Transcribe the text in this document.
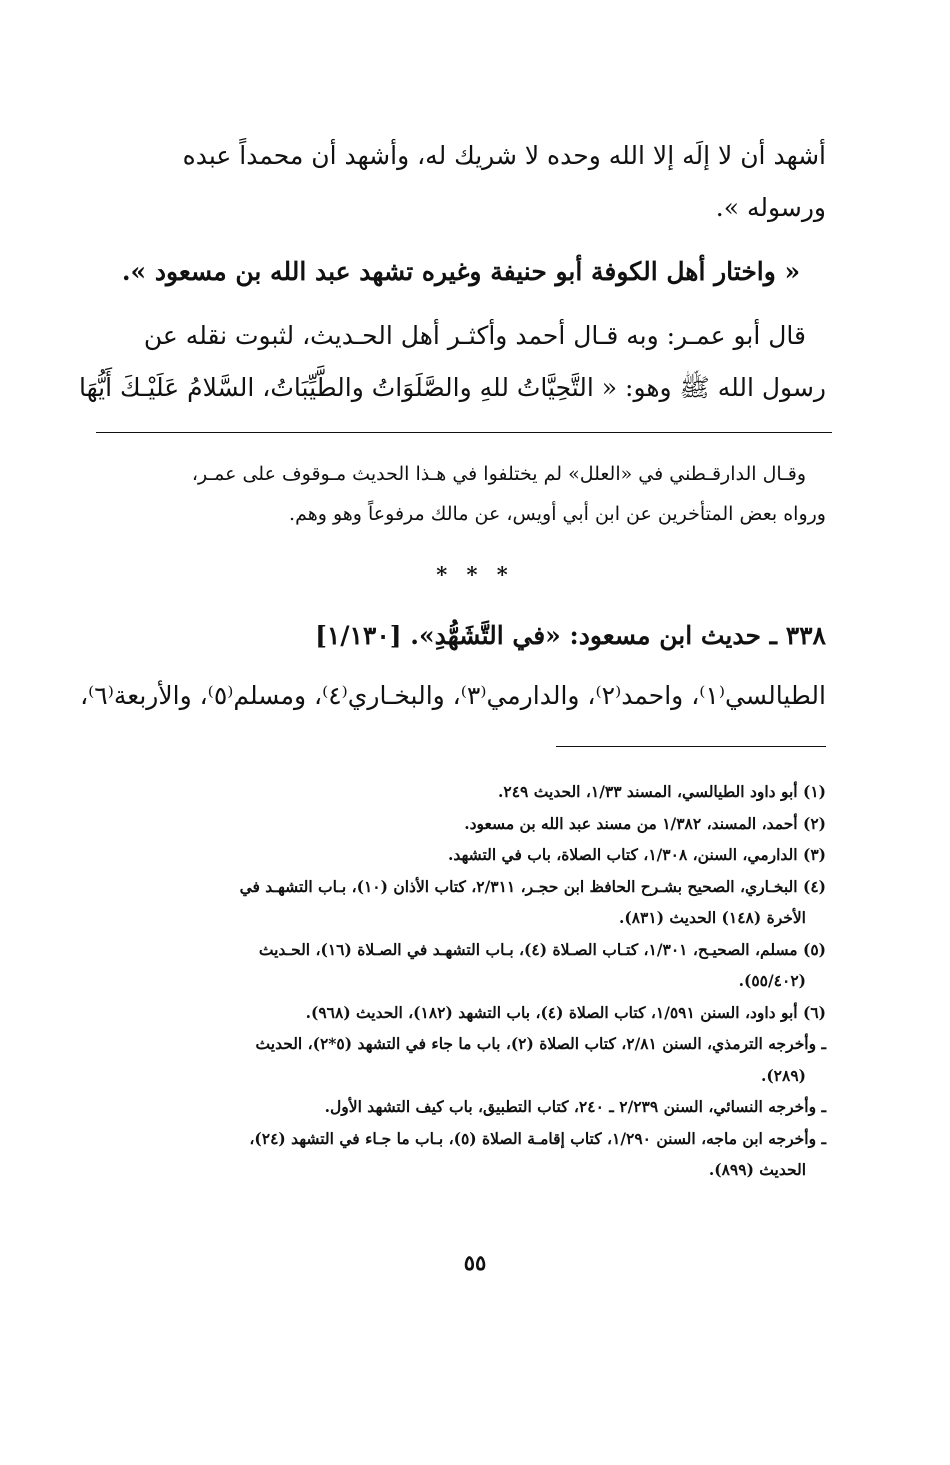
أشهد أن لا إلَه إلا الله وحده لا شريك له، وأشهد أن محمداً عبده
ورسوله ».
« واختار أهل الكوفة أبو حنيفة وغيره تشهد عبد الله بن مسعود ».
قال أبو عمـر: وبه قـال أحمد وأكثـر أهل الحـديث، لثبوت نقله عن
رسول الله ﷺ وهو: « التَّحِيَّاتُ للهِ والصَّلَوَاتُ والطَّيِّبَاتُ، السَّلامُ عَلَيْـكَ أَيُّهَا
وقـال الدارقـطني في «العلل» لم يختلفوا في هـذا الحديث مـوقوف على عمـر،
ورواه بعض المتأخرين عن ابن أبي أويس، عن مالك مرفوعاً وهو وهم.
* * *
٣٣٨ ـ حديث ابن مسعود: «في التَّشَهُّدِ». [١/١٣٠]
الطيالسي⁽١⁾، واحمد⁽٢⁾، والدارمي⁽٣⁾، والبخـاري⁽٤⁾، ومسلم⁽٥⁾، والأربعة⁽٦⁾،
(١) أبو داود الطيالسي، المسند ١/٣٣، الحديث ٢٤٩.
(٢) أحمد، المسند، ١/٣٨٢ من مسند عبد الله بن مسعود.
(٣) الدارمي، السنن، ١/٣٠٨، كتاب الصلاة، باب في التشهد.
(٤) البخـاري، الصحيح بشـرح الحافظ ابن حجـر، ٢/٣١١، كتاب الأذان (١٠)، بـاب التشهـد في
الأخرة (١٤٨) الحديث (٨٣١).
(٥) مسلم، الصحيـح، ١/٣٠١، كتـاب الصـلاة (٤)، بـاب التشهـد في الصـلاة (١٦)، الحـديث
(٥٥/٤٠٢).
(٦) أبو داود، السنن ١/٥٩١، كتاب الصلاة (٤)، باب التشهد (١٨٢)، الحديث (٩٦٨).
ـ وأخرجه الترمذي، السنن ٢/٨١، كتاب الصلاة (٢)، باب ما جاء في التشهد (٥*٢)، الحديث
(٢٨٩).
ـ وأخرجه النسائي، السنن ٢/٢٣٩ ـ ٢٤٠، كتاب التطبيق، باب كيف التشهد الأول.
ـ وأخرجه ابن ماجه، السنن ١/٢٩٠، كتاب إقامـة الصلاة (٥)، بـاب ما جـاء في التشهد (٢٤)،
الحديث (٨٩٩).
٥٥
